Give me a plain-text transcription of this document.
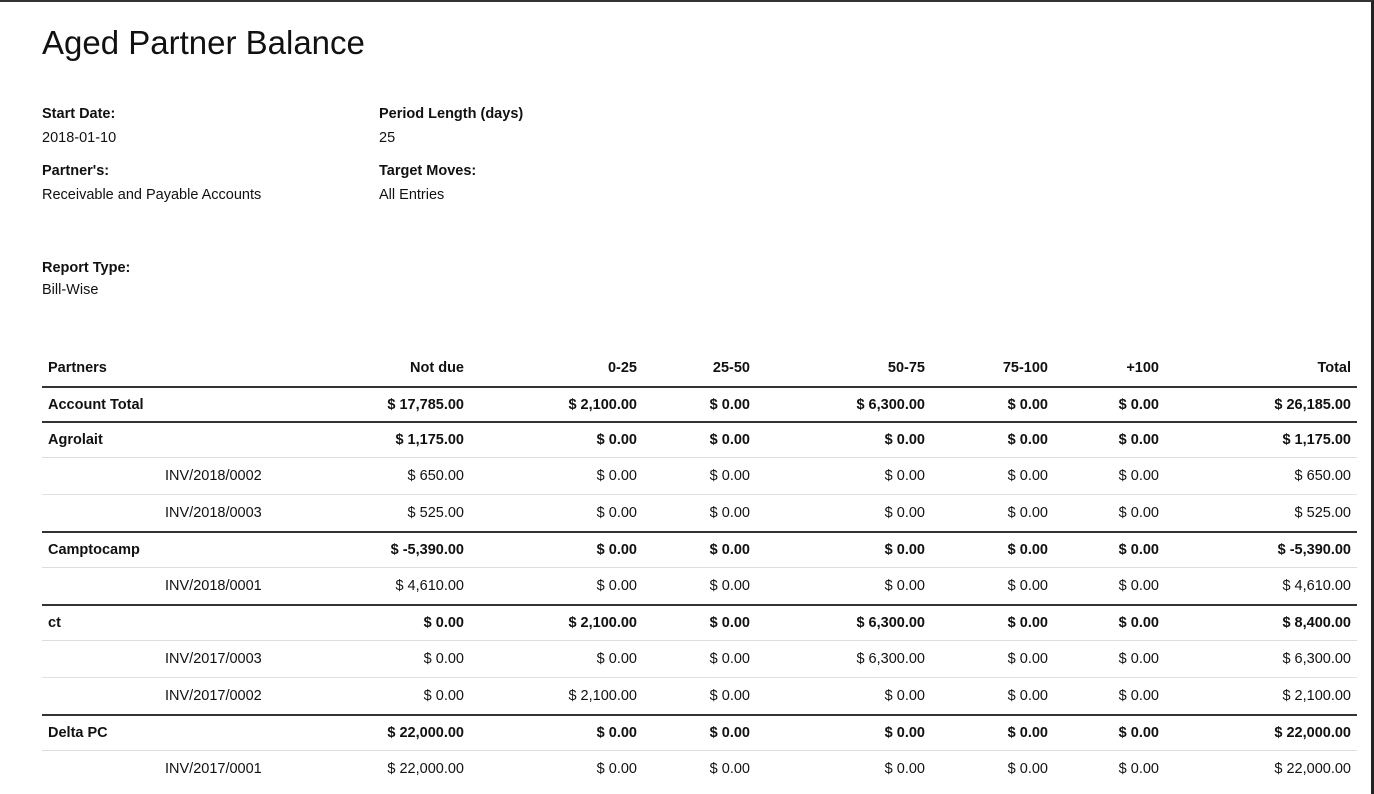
Aged Partner Balance
Start Date:
2018-01-10
Period Length (days)
25
Partner's:
Receivable and Payable Accounts
Target Moves:
All Entries
Report Type:
Bill-Wise
Partners	Not due	0-25	25-50	50-75	75-100	+100	Total
Account Total	$ 17,785.00	$ 2,100.00	$ 0.00	$ 6,300.00	$ 0.00	$ 0.00	$ 26,185.00
Agrolait	$ 1,175.00	$ 0.00	$ 0.00	$ 0.00	$ 0.00	$ 0.00	$ 1,175.00
INV/2018/0002	$ 650.00	$ 0.00	$ 0.00	$ 0.00	$ 0.00	$ 0.00	$ 650.00
INV/2018/0003	$ 525.00	$ 0.00	$ 0.00	$ 0.00	$ 0.00	$ 0.00	$ 525.00
Camptocamp	$ -5,390.00	$ 0.00	$ 0.00	$ 0.00	$ 0.00	$ 0.00	$ -5,390.00
INV/2018/0001	$ 4,610.00	$ 0.00	$ 0.00	$ 0.00	$ 0.00	$ 0.00	$ 4,610.00
ct	$ 0.00	$ 2,100.00	$ 0.00	$ 6,300.00	$ 0.00	$ 0.00	$ 8,400.00
INV/2017/0003	$ 0.00	$ 0.00	$ 0.00	$ 6,300.00	$ 0.00	$ 0.00	$ 6,300.00
INV/2017/0002	$ 0.00	$ 2,100.00	$ 0.00	$ 0.00	$ 0.00	$ 0.00	$ 2,100.00
Delta PC	$ 22,000.00	$ 0.00	$ 0.00	$ 0.00	$ 0.00	$ 0.00	$ 22,000.00
INV/2017/0001	$ 22,000.00	$ 0.00	$ 0.00	$ 0.00	$ 0.00	$ 0.00	$ 22,000.00
